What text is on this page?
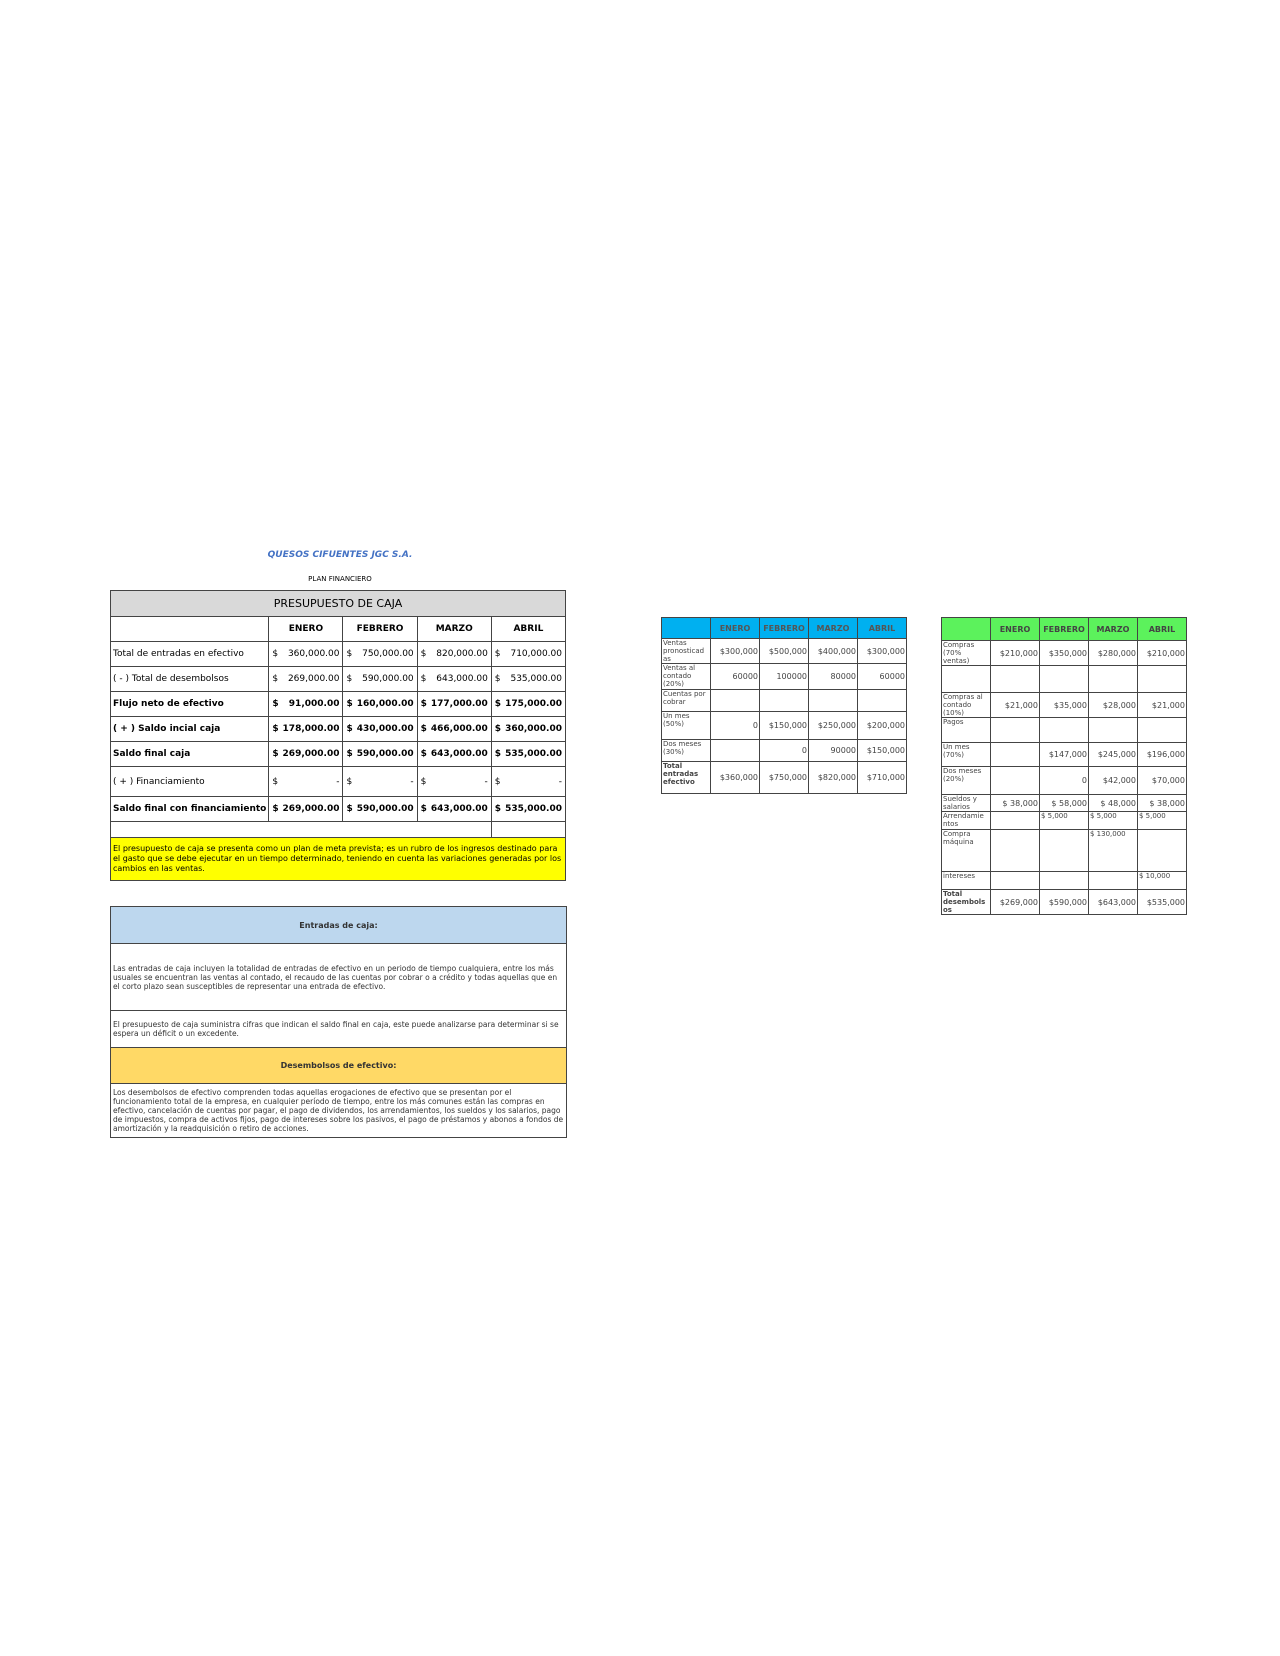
QUESOS CIFUENTES JGC S.A.
PLAN FINANCIERO
PRESUPUESTO DE CAJA				
	ENERO	FEBRERO	MARZO	ABRIL
Total de entradas en efectivo	$ 360,000.00	$ 750,000.00	$ 820,000.00	$ 710,000.00

( - ) Total de desembolsos	$ 269,000.00	$ 590,000.00	$ 643,000.00	$ 535,000.00

Flujo neto de efectivo	$ 91,000.00	$ 160,000.00	$ 177,000.00	$ 175,000.00

( + ) Saldo incial caja	$ 178,000.00	$ 430,000.00	$ 466,000.00	$ 360,000.00

Saldo final caja	$ 269,000.00	$ 590,000.00	$ 643,000.00	$ 535,000.00

( + ) Financiamiento	$ -	$ -	$ -	$ -

Saldo final con financiamiento	$ 269,000.00	$ 590,000.00	$ 643,000.00	$ 535,000.00

El presupuesto de caja se presenta como un plan de meta prevista; es un rubro de los ingresos destinado para el gasto que se debe ejecutar en un tiempo determinado, teniendo en cuenta las variaciones generadas por los cambios en las ventas.				
Entradas de caja:
Las entradas de caja incluyen la totalidad de entradas de efectivo en un periodo de tiempo cualquiera, entre los más usuales se encuentran las ventas al contado, el recaudo de las cuentas por cobrar o a crédito y todas aquellas que en el corto plazo sean susceptibles de representar una entrada de efectivo.
El presupuesto de caja suministra cifras que indican el saldo final en caja, este puede analizarse para determinar si se espera un déficit o un excedente.
Desembolsos de efectivo:
Los desembolsos de efectivo comprenden todas aquellas erogaciones de efectivo que se presentan por el funcionamiento total de la empresa, en cualquier período de tiempo, entre los más comunes están las compras en efectivo, cancelación de cuentas por pagar, el pago de dividendos, los arrendamientos, los sueldos y los salarios, pago de impuestos, compra de activos fijos, pago de intereses sobre los pasivos, el pago de préstamos y abonos a fondos de amortización y la readquisición o retiro de acciones.
	ENERO	FEBRERO	MARZO	ABRIL
Ventas pronosticad as	$300,000	$500,000	$400,000	$300,000
Ventas al contado (20%)	60000	100000	80000	60000
Cuentas por cobrar				
Un mes (50%)	0	$150,000	$250,000	$200,000
Dos meses (30%)		0	90000	$150,000
Total entradas efectivo	$360,000	$750,000	$820,000	$710,000
	ENERO	FEBRERO	MARZO	ABRIL
Compras (70% ventas)	$210,000	$350,000	$280,000	$210,000

Compras al contado (10%)	$21,000	$35,000	$28,000	$21,000
Pagos				
Un mes (70%)		$147,000	$245,000	$196,000
Dos meses (20%)		0	$42,000	$70,000
Sueldos y salarios	$ 38,000	$ 58,000	$ 48,000	$ 38,000
Arrendamie ntos		$ 5,000	$ 5,000	$ 5,000
Compra máquina			$ 130,000	
intereses				$ 10,000
Total desembols os	$269,000	$590,000	$643,000	$535,000
